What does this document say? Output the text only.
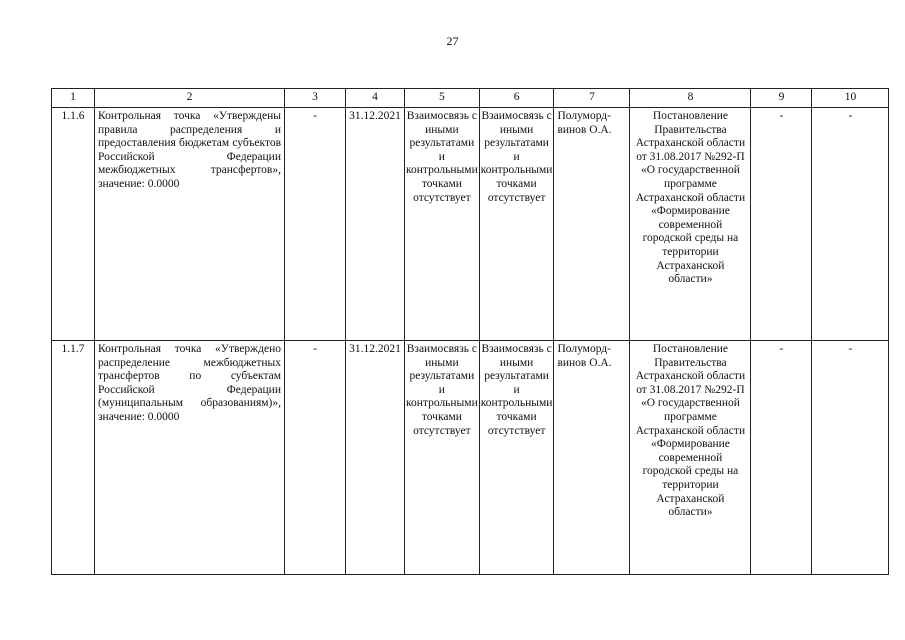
27
1	2	3	4	5	6	7	8	9	10
1.1.6	Контрольная точка «Утверждены правила распределения и предоставления бюджетам субъектов Российской Федерации межбюджетных трансфертов», значение: 0.0000	-	31.12.2021	Взаимосвязь с иными результатами и контрольными точками отсутствует	Взаимосвязь с иными результатами и контрольными точками отсутствует	Полуморд-винов О.А.	Постановление Правительства Астраханской области от 31.08.2017 №292-П «О государственной программе Астраханской области «Формирование современной городской среды на территории Астраханской области»	-	-
1.1.7	Контрольная точка «Утверждено распределение межбюджетных трансфертов по субъектам Российской Федерации (муниципальным образованиям)», значение: 0.0000	-	31.12.2021	Взаимосвязь с иными результатами и контрольными точками отсутствует	Взаимосвязь с иными результатами и контрольными точками отсутствует	Полуморд-винов О.А.	Постановление Правительства Астраханской области от 31.08.2017 №292-П «О государственной программе Астраханской области «Формирование современной городской среды на территории Астраханской области»	-	-
